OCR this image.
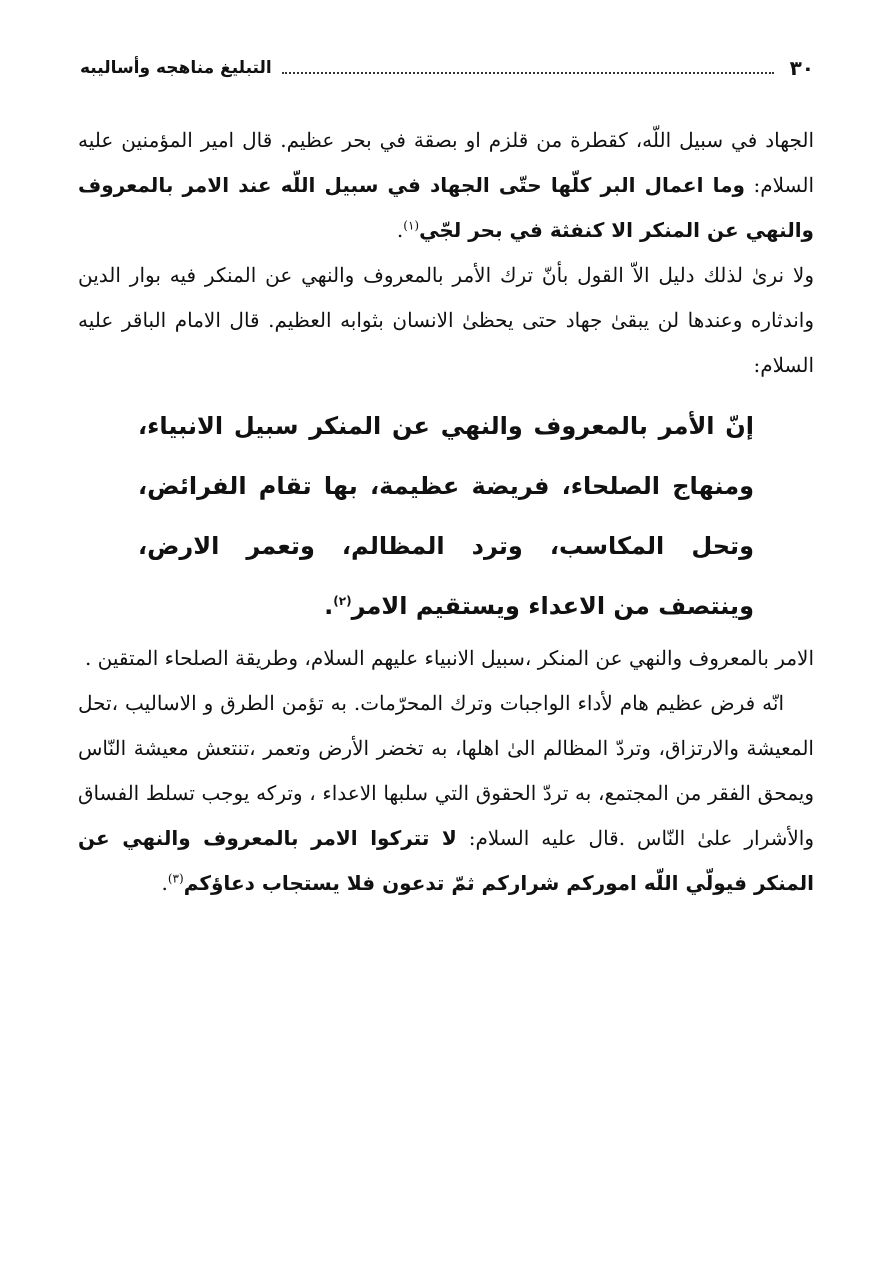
٣٠
التبليغ مناهجه وأساليبه

الجهاد في سبيل اللّه، كقطرة من قلزم او بصقة في بحر عظيم. قال امير المؤمنين عليه السلام: وما اعمال البر كلّها حتّى الجهاد في سبيل اللّه عند الامر بالمعروف والنهي عن المنكر الا كنفثة في بحر لجّي$^{(١)}$.

ولا نرىٰ لذلك دليل الاّ القول بأنّ ترك الأمر بالمعروف والنهي عن المنكر فيه بوار الدين واندثاره وعندها لن يبقىٰ جهاد حتى يحظىٰ الانسان بثوابه العظيم. قال الامام الباقر عليه السلام:

إنّ الأمر بالمعروف والنهي عن المنكر سبيل الانبياء، ومنهاج الصلحاء، فريضة عظيمة، بها تقام الفرائض، وتحل المكاسب، وترد المظالم، وتعمر الارض، وينتصف من الاعداء ويستقيم الامر$^{(٢)}$.

الامر بالمعروف والنهي عن المنكر ،سبيل الانبياء عليهم السلام، وطريقة الصلحاء المتقين .

انّه فرض عظيم هام لأداء الواجبات وترك المحرّمات. به تؤمن الطرق و الاساليب ،تحل المعيشة والارتزاق، وتردّ المظالم الىٰ اهلها، به تخضر الأرض وتعمر ،تنتعش معيشة النّاس ويمحق الفقر من المجتمع، به تردّ الحقوق التي سلبها الاعداء ، وتركه يوجب تسلط الفساق والأشرار علىٰ النّاس .قال عليه السلام: لا تتركوا الامر بالمعروف والنهي عن المنكر فيولّي اللّه اموركم شراركم ثمّ تدعون فلا يستجاب دعاؤكم$^{(٣)}$.
